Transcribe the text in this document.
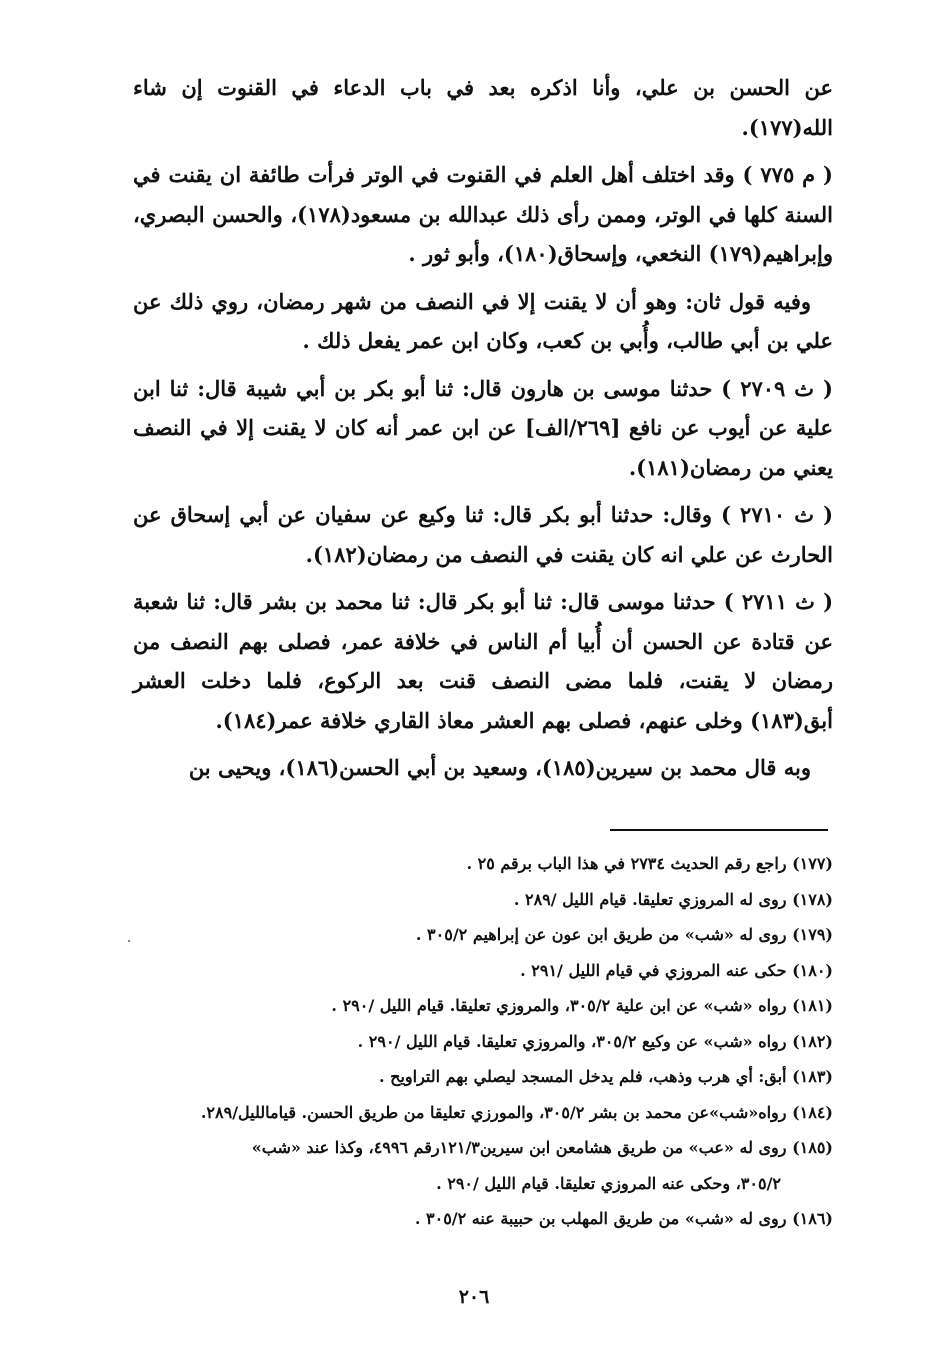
عن الحسن بن علي، وأنا اذكره بعد في باب الدعاء في القنوت إن شاء الله(١٧٧).

( م ٧٧٥ ) وقد اختلف أهل العلم في القنوت في الوتر فرأت طائفة ان يقنت في السنة كلها في الوتر، وممن رأى ذلك عبدالله بن مسعود(١٧٨)، والحسن البصري، وإبراهيم(١٧٩) النخعي، وإسحاق(١٨٠)، وأبو ثور .

وفيه قول ثان: وهو أن لا يقنت إلا في النصف من شهر رمضان، روي ذلك عن علي بن أبي طالب، وأُبي بن كعب، وكان ابن عمر يفعل ذلك .

( ث ٢٧٠٩ ) حدثنا موسى بن هارون قال: ثنا أبو بكر بن أبي شيبة قال: ثنا ابن علية عن أيوب عن نافع [٢٦٩/الف] عن ابن عمر أنه كان لا يقنت إلا في النصف يعني من رمضان(١٨١).

( ث ٢٧١٠ ) وقال: حدثنا أبو بكر قال: ثنا وكيع عن سفيان عن أبي إسحاق عن الحارث عن علي انه كان يقنت في النصف من رمضان(١٨٢).

( ث ٢٧١١ ) حدثنا موسى قال: ثنا أبو بكر قال: ثنا محمد بن بشر قال: ثنا شعبة عن قتادة عن الحسن أن أُبيا أم الناس في خلافة عمر، فصلى بهم النصف من رمضان لا يقنت، فلما مضى النصف قنت بعد الركوع، فلما دخلت العشر أبق(١٨٣) وخلى عنهم، فصلى بهم العشر معاذ القاري خلافة عمر(١٨٤).

وبه قال محمد بن سيرين(١٨٥)، وسعيد بن أبي الحسن(١٨٦)، ويحيى بن

(١٧٧) راجع رقم الحديث ٢٧٣٤ في هذا الباب برقم ٢٥ .

(١٧٨) روى له المروزي تعليقا. قيام الليل /٢٨٩ .

(١٧٩) روى له «شب» من طريق ابن عون عن إبراهيم ٣٠٥/٢ .

(١٨٠) حكى عنه المروزي في قيام الليل /٢٩١ .

(١٨١) رواه «شب» عن ابن علية ٣٠٥/٢، والمروزي تعليقا. قيام الليل /٢٩٠ .

(١٨٢) رواه «شب» عن وكيع ٣٠٥/٢، والمروزي تعليقا. قيام الليل /٢٩٠ .

(١٨٣) أبق: أي هرب وذهب، فلم يدخل المسجد ليصلي بهم التراويح .

(١٨٤) رواه«شب»عن محمد بن بشر ٣٠٥/٢، والمورزي تعليقا من طريق الحسن. قيامالليل/٢٨٩.

(١٨٥) روى له «عب» من طريق هشامعن ابن سيرين١٢١/٣رقم ٤٩٩٦، وكذا عند «شب»

٣٠٥/٢، وحكى عنه المروزي تعليقا. قيام الليل /٢٩٠ .

(١٨٦) روى له «شب» من طريق المهلب بن حبيبة عنه ٣٠٥/٢ .

٢٠٦
